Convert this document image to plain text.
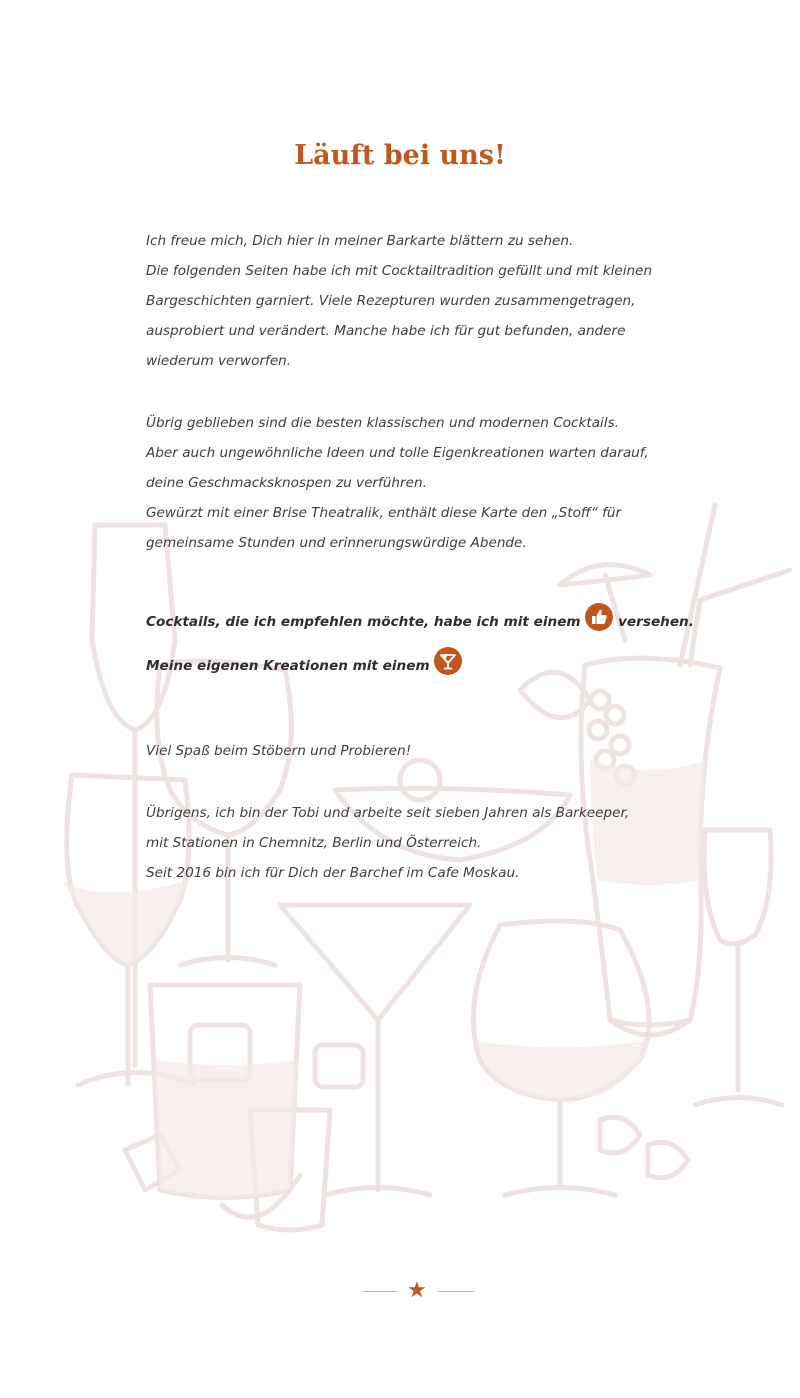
Läuft bei uns!

Ich freue mich, Dich hier in meiner Barkarte blättern zu sehen.

Die folgenden Seiten habe ich mit Cocktailtradition gefüllt und mit kleinen

Bargeschichten garniert. Viele Rezepturen wurden zusammengetragen,

ausprobiert und verändert. Manche habe ich für gut befunden, andere

wiederum verworfen.

Übrig geblieben sind die besten klassischen und modernen Cocktails.

Aber auch ungewöhnliche Ideen und tolle Eigenkreationen warten darauf,

deine Geschmacksknospen zu verführen.

Gewürzt mit einer Brise Theatralik, enthält diese Karte den „Stoff“ für

gemeinsame Stunden und erinnerungswürdige Abende.

Cocktails, die ich empfehlen möchte, habe ich mit einem	versehen.

Meine eigenen Kreationen mit einem

Viel Spaß beim Stöbern und Probieren!

Übrigens, ich bin der Tobi und arbeite seit sieben Jahren als Barkeeper,

mit Stationen in Chemnitz, Berlin und Österreich.

Seit 2016 bin ich für Dich der Barchef im Cafe Moskau.

★
